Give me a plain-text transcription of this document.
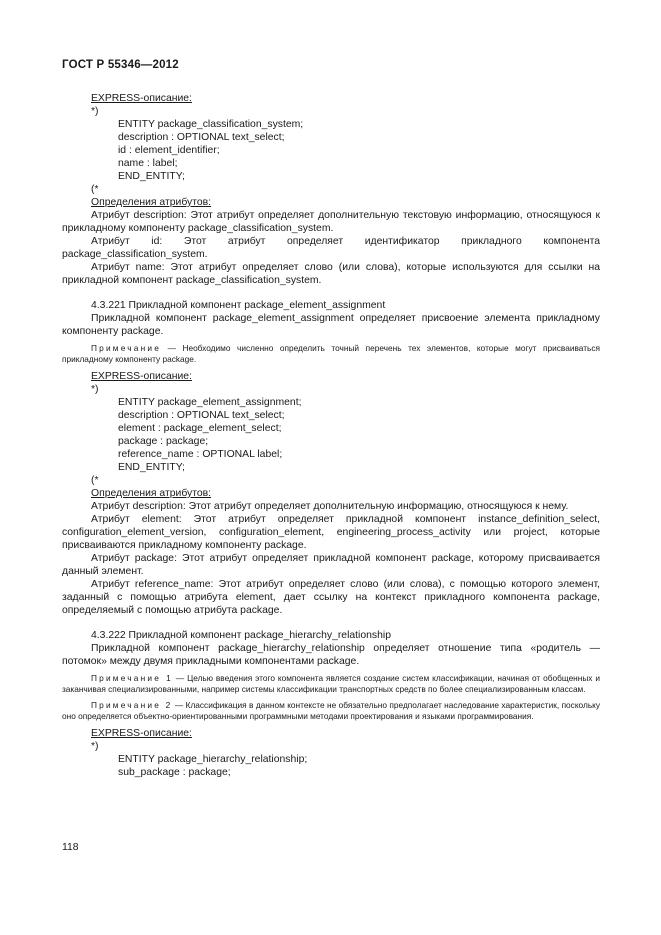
ГОСТ Р 55346—2012
EXPRESS-описание:
*)
ENTITY package_classification_system;
description : OPTIONAL text_select;
id : element_identifier;
name : label;
END_ENTITY;
(*
Определения атрибутов:
Атрибут description: Этот атрибут определяет дополнительную текстовую информацию, относящуюся к прикладному компоненту package_classification_system.
Атрибут id: Этот атрибут определяет идентификатор прикладного компонента package_classification_system.
Атрибут name: Этот атрибут определяет слово (или слова), которые используются для ссылки на прикладной компонент package_classification_system.
4.3.221 Прикладной компонент package_element_assignment
Прикладной компонент package_element_assignment определяет присвоение элемента прикладному компоненту package.
Примечание — Необходимо численно определить точный перечень тех элементов, которые могут присваиваться прикладному компоненту package.
EXPRESS-описание:
*)
ENTITY package_element_assignment;
description : OPTIONAL text_select;
element : package_element_select;
package : package;
reference_name : OPTIONAL label;
END_ENTITY;
(*
Определения атрибутов:
Атрибут description: Этот атрибут определяет дополнительную информацию, относящуюся к нему.
Атрибут element: Этот атрибут определяет прикладной компонент instance_definition_select, configuration_element_version, configuration_element, engineering_process_activity или project, которые присваиваются прикладному компоненту package.
Атрибут package: Этот атрибут определяет прикладной компонент package, которому присваивается данный элемент.
Атрибут reference_name: Этот атрибут определяет слово (или слова), с помощью которого элемент, заданный с помощью атрибута element, дает ссылку на контекст прикладного компонента package, определяемый с помощью атрибута package.
4.3.222 Прикладной компонент package_hierarchy_relationship
Прикладной компонент package_hierarchy_relationship определяет отношение типа «родитель — потомок» между двумя прикладными компонентами package.
Примечание 1 — Целью введения этого компонента является создание систем классификации, начиная от обобщенных и заканчивая специализированными, например системы классификации транспортных средств по более специализированным классам.
Примечание 2 — Классификация в данном контексте не обязательно предполагает наследование характеристик, поскольку оно определяется объектно-ориентированными программными методами проектирования и языками программирования.
EXPRESS-описание:
*)
ENTITY package_hierarchy_relationship;
sub_package : package;
118
